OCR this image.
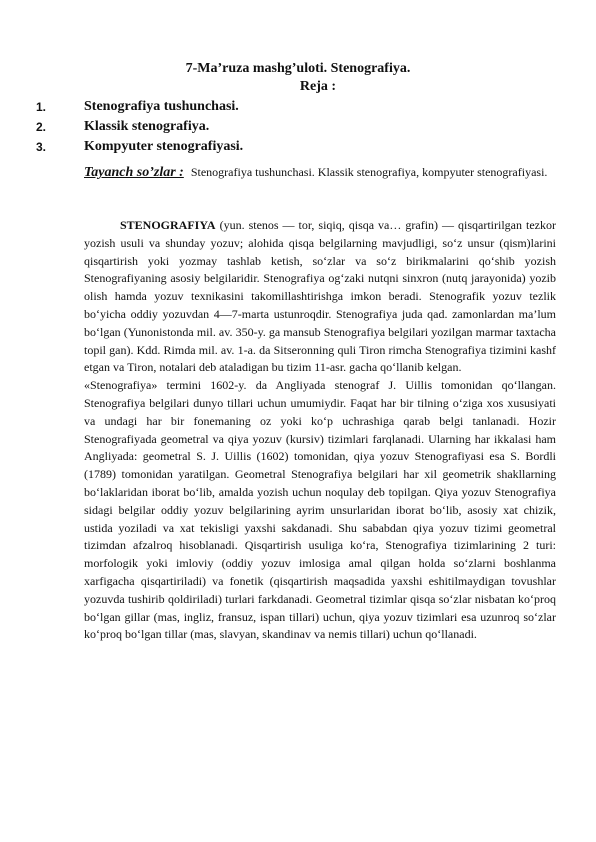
7-Ma’ruza mashg’uloti. Stenografiya.
Reja :
1.	Stenografiya tushunchasi.
2.	Klassik stenografiya.
3.	Kompyuter stenografiyasi.
Tayanch so’zlar : Stenografiya tushunchasi. Klassik stenografiya, kompyuter stenografiyasi.

STENOGRAFIYA (yun. stenos — tor, siqiq, qisqa va… grafin) — qisqartirilgan tezkor yozish usuli va shunday yozuv; alohida qisqa belgilarning mavjudligi, so‘z unsur (qism)larini qisqartirish yoki yozmay tashlab ketish, so‘zlar va so‘z birikmalarini qo‘shib yozish Stenografiyaning asosiy belgilaridir. Stenografiya og‘zaki nutqni sinxron (nutq jarayonida) yozib olish hamda yozuv texnikasini takomillashtirishga imkon beradi. Stenografik yozuv tezlik bo‘yicha oddiy yozuvdan 4—7-marta ustunroqdir. Stenografiya juda qad. zamonlardan ma’lum bo‘lgan (Yunonistonda mil. av. 350-y. ga mansub Stenografiya belgilari yozilgan marmar taxtacha topil gan). Kdd. Rimda mil. av. 1-a. da Sitseronning quli Tiron rimcha Stenografiya tizimini kashf etgan va Tiron, notalari deb ataladigan bu tizim 11-asr. gacha qo‘llanib kelgan.

«Stenografiya» termini 1602-y. da Angliyada stenograf J. Uillis tomonidan qo‘llangan. Stenografiya belgilari dunyo tillari uchun umumiydir. Faqat har bir tilning o‘ziga xos xususiyati va undagi har bir fonemaning oz yoki ko‘p uchrashiga qarab belgi tanlanadi. Hozir Stenografiyada geometral va qiya yozuv (kursiv) tizimlari farqlanadi. Ularning har ikkalasi ham Angliyada: geometral S. J. Uillis (1602) tomonidan, qiya yozuv Stenografiyasi esa S. Bordli (1789) tomonidan yaratilgan. Geometral Stenografiya belgilari har xil geometrik shakllarning bo‘laklaridan iborat bo‘lib, amalda yozish uchun noqulay deb topilgan. Qiya yozuv Stenografiya sidagi belgilar oddiy yozuv belgilarining ayrim unsurlaridan iborat bo‘lib, asosiy xat chizik, ustida yoziladi va xat tekisligi yaxshi sakdanadi. Shu sababdan qiya yozuv tizimi geometral tizimdan afzalroq hisoblanadi. Qisqartirish usuliga ko‘ra, Stenografiya tizimlarining 2 turi: morfologik yoki imloviy (oddiy yozuv imlosiga amal qilgan holda so‘zlarni boshlanma xarfigacha qisqartiriladi) va fonetik (qisqartirish maqsadida yaxshi eshitilmaydigan tovushlar yozuvda tushirib qoldiriladi) turlari farkdanadi. Geometral tizimlar qisqa so‘zlar nisbatan ko‘proq bo‘lgan gillar (mas, ingliz, fransuz, ispan tillari) uchun, qiya yozuv tizimlari esa uzunroq so‘zlar ko‘proq bo‘lgan tillar (mas, slavyan, skandinav va nemis tillari) uchun qo‘llanadi.
